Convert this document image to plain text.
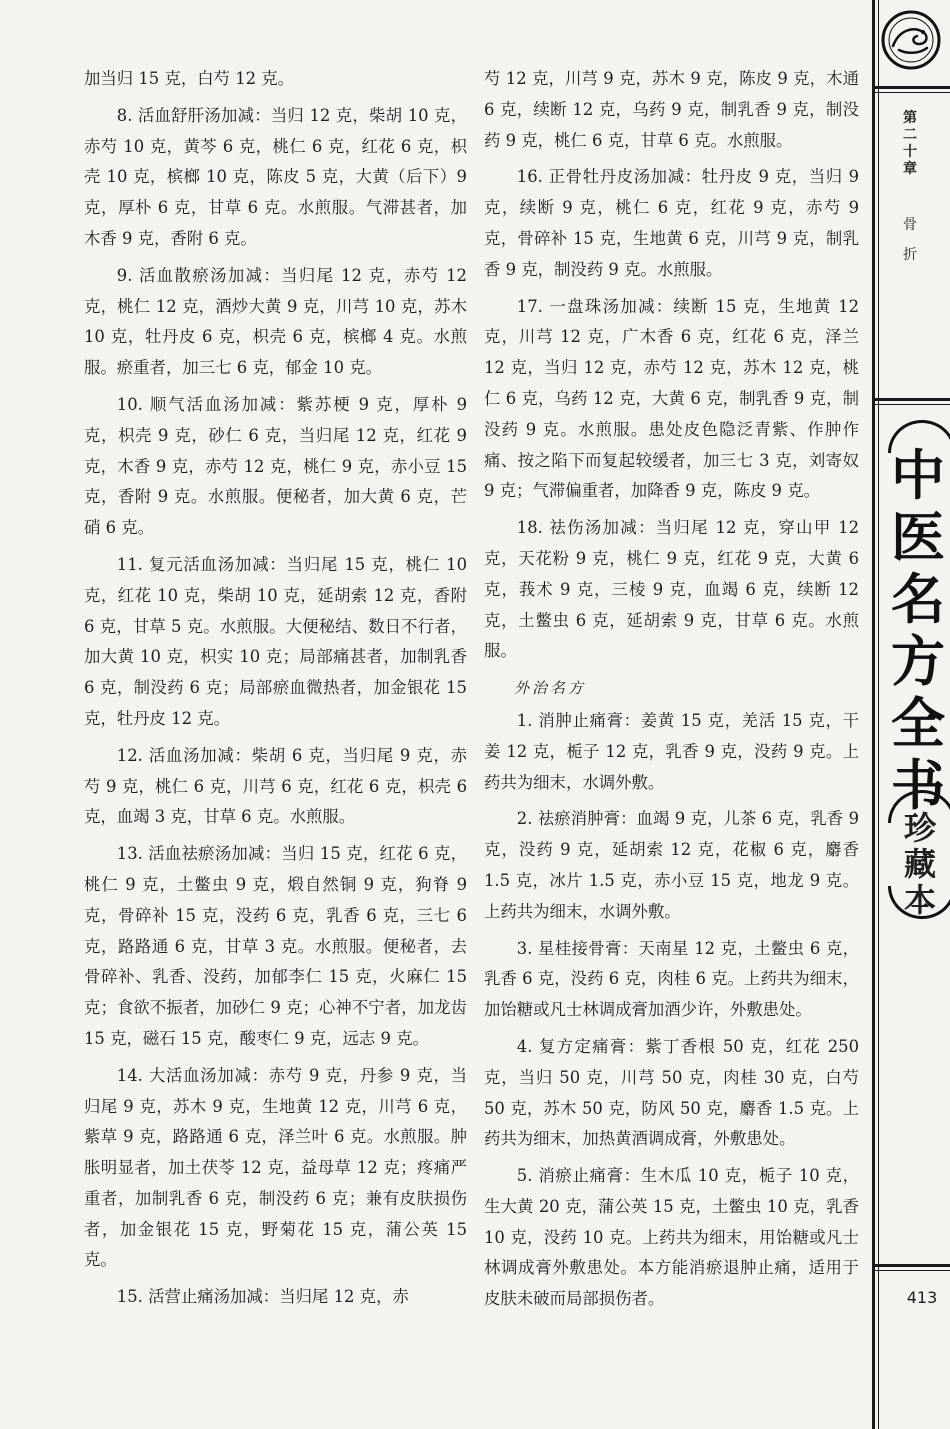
加当归 15 克，白芍 12 克。

8. 活血舒肝汤加减：当归 12 克，柴胡 10 克，赤芍 10 克，黄芩 6 克，桃仁 6 克，红花 6 克，枳壳 10 克，槟榔 10 克，陈皮 5 克，大黄（后下）9 克，厚朴 6 克，甘草 6 克。水煎服。气滞甚者，加木香 9 克，香附 6 克。

9. 活血散瘀汤加减：当归尾 12 克，赤芍 12 克，桃仁 12 克，酒炒大黄 9 克，川芎 10 克，苏木 10 克，牡丹皮 6 克，枳壳 6 克，槟榔 4 克。水煎服。瘀重者，加三七 6 克，郁金 10 克。

10. 顺气活血汤加减：紫苏梗 9 克，厚朴 9 克，枳壳 9 克，砂仁 6 克，当归尾 12 克，红花 9 克，木香 9 克，赤芍 12 克，桃仁 9 克，赤小豆 15 克，香附 9 克。水煎服。便秘者，加大黄 6 克，芒硝 6 克。

11. 复元活血汤加减：当归尾 15 克，桃仁 10 克，红花 10 克，柴胡 10 克，延胡索 12 克，香附 6 克，甘草 5 克。水煎服。大便秘结、数日不行者，加大黄 10 克，枳实 10 克；局部痛甚者，加制乳香 6 克，制没药 6 克；局部瘀血微热者，加金银花 15 克，牡丹皮 12 克。

12. 活血汤加减：柴胡 6 克，当归尾 9 克，赤芍 9 克，桃仁 6 克，川芎 6 克，红花 6 克，枳壳 6 克，血竭 3 克，甘草 6 克。水煎服。

13. 活血祛瘀汤加减：当归 15 克，红花 6 克，桃仁 9 克，土鳖虫 9 克，煅自然铜 9 克，狗脊 9 克，骨碎补 15 克，没药 6 克，乳香 6 克，三七 6 克，路路通 6 克，甘草 3 克。水煎服。便秘者，去骨碎补、乳香、没药，加郁李仁 15 克，火麻仁 15 克；食欲不振者，加砂仁 9 克；心神不宁者，加龙齿 15 克，磁石 15 克，酸枣仁 9 克，远志 9 克。

14. 大活血汤加减：赤芍 9 克，丹参 9 克，当归尾 9 克，苏木 9 克，生地黄 12 克，川芎 6 克，紫草 9 克，路路通 6 克，泽兰叶 6 克。水煎服。肿胀明显者，加土茯苓 12 克，益母草 12 克；疼痛严重者，加制乳香 6 克，制没药 6 克；兼有皮肤损伤者，加金银花 15 克，野菊花 15 克，蒲公英 15 克。

15. 活营止痛汤加减：当归尾 12 克，赤

芍 12 克，川芎 9 克，苏木 9 克，陈皮 9 克，木通 6 克，续断 12 克，乌药 9 克，制乳香 9 克，制没药 9 克，桃仁 6 克，甘草 6 克。水煎服。

16. 正骨牡丹皮汤加减：牡丹皮 9 克，当归 9 克，续断 9 克，桃仁 6 克，红花 9 克，赤芍 9 克，骨碎补 15 克，生地黄 6 克，川芎 9 克，制乳香 9 克，制没药 9 克。水煎服。

17. 一盘珠汤加减：续断 15 克，生地黄 12 克，川芎 12 克，广木香 6 克，红花 6 克，泽兰 12 克，当归 12 克，赤芍 12 克，苏木 12 克，桃仁 6 克，乌药 12 克，大黄 6 克，制乳香 9 克，制没药 9 克。水煎服。患处皮色隐泛青紫、作肿作痛、按之陷下而复起较缓者，加三七 3 克，刘寄奴 9 克；气滞偏重者，加降香 9 克，陈皮 9 克。

18. 祛伤汤加减：当归尾 12 克，穿山甲 12 克，天花粉 9 克，桃仁 9 克，红花 9 克，大黄 6 克，莪术 9 克，三棱 9 克，血竭 6 克，续断 12 克，土鳖虫 6 克，延胡索 9 克，甘草 6 克。水煎服。

外治名方

1. 消肿止痛膏：姜黄 15 克，羌活 15 克，干姜 12 克，栀子 12 克，乳香 9 克，没药 9 克。上药共为细末，水调外敷。

2. 祛瘀消肿膏：血竭 9 克，儿茶 6 克，乳香 9 克，没药 9 克，延胡索 12 克，花椒 6 克，麝香 1.5 克，冰片 1.5 克，赤小豆 15 克，地龙 9 克。上药共为细末，水调外敷。

3. 星桂接骨膏：天南星 12 克，土鳖虫 6 克，乳香 6 克，没药 6 克，肉桂 6 克。上药共为细末，加饴糖或凡士林调成膏加酒少许，外敷患处。

4. 复方定痛膏：紫丁香根 50 克，红花 250 克，当归 50 克，川芎 50 克，肉桂 30 克，白芍 50 克，苏木 50 克，防风 50 克，麝香 1.5 克。上药共为细末，加热黄酒调成膏，外敷患处。

5. 消瘀止痛膏：生木瓜 10 克，栀子 10 克，生大黄 20 克，蒲公英 15 克，土鳖虫 10 克，乳香 10 克，没药 10 克。上药共为细末，用饴糖或凡士林调成膏外敷患处。本方能消瘀退肿止痛，适用于皮肤未破而局部损伤者。

第
二
十
章
骨
折
中
医
名
方
全
书
珍
藏
本
413
